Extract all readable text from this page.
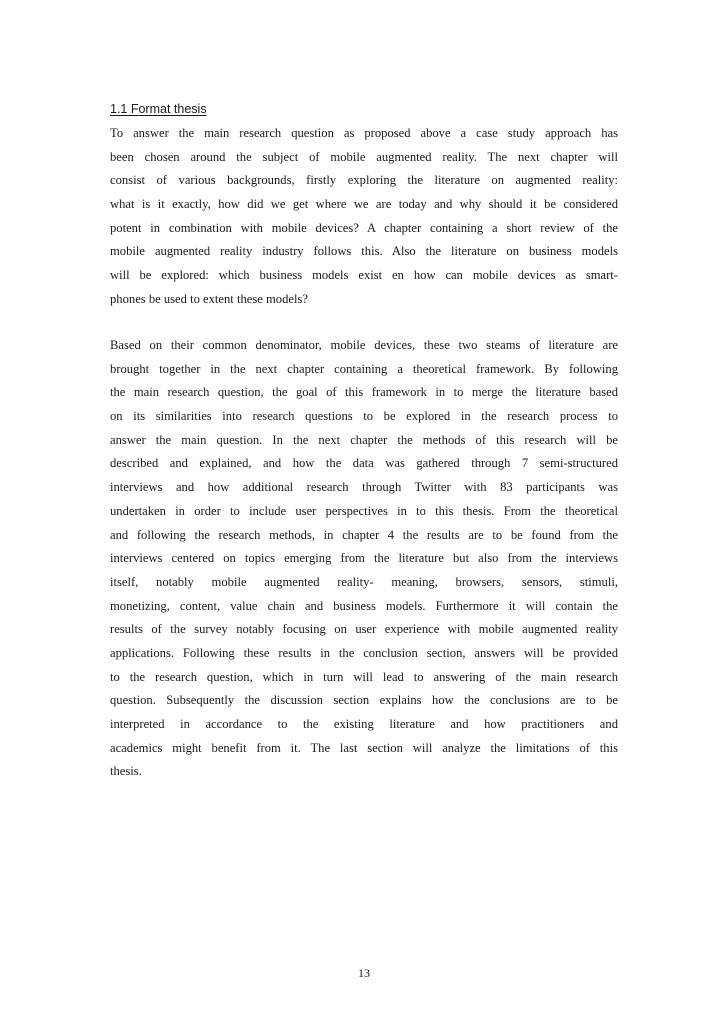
1.1 Format thesis
To answer the main research question as proposed above a case study approach has
been chosen around the subject of mobile augmented reality. The next chapter will
consist of various backgrounds, firstly exploring the literature on augmented reality:
what is it exactly, how did we get where we are today and why should it be considered
potent in combination with mobile devices? A chapter containing a short review of the
mobile augmented reality industry follows this. Also the literature on business models
will be explored: which business models exist en how can mobile devices as smart-
phones be used to extent these models?
Based on their common denominator, mobile devices, these two steams of literature are
brought together in the next chapter containing a theoretical framework. By following
the main research question, the goal of this framework in to merge the literature based
on its similarities into research questions to be explored in the research process to
answer the main question. In the next chapter the methods of this research will be
described and explained, and how the data was gathered through 7 semi-structured
interviews and how additional research through Twitter with 83 participants was
undertaken in order to include user perspectives in to this thesis. From the theoretical
and following the research methods, in chapter 4 the results are to be found from the
interviews centered on topics emerging from the literature but also from the interviews
itself, notably mobile augmented reality- meaning, browsers, sensors, stimuli,
monetizing, content, value chain and business models. Furthermore it will contain the
results of the survey notably focusing on user experience with mobile augmented reality
applications. Following these results in the conclusion section, answers will be provided
to the research question, which in turn will lead to answering of the main research
question. Subsequently the discussion section explains how the conclusions are to be
interpreted in accordance to the existing literature and how practitioners and
academics might benefit from it. The last section will analyze the limitations of this
thesis.
13
